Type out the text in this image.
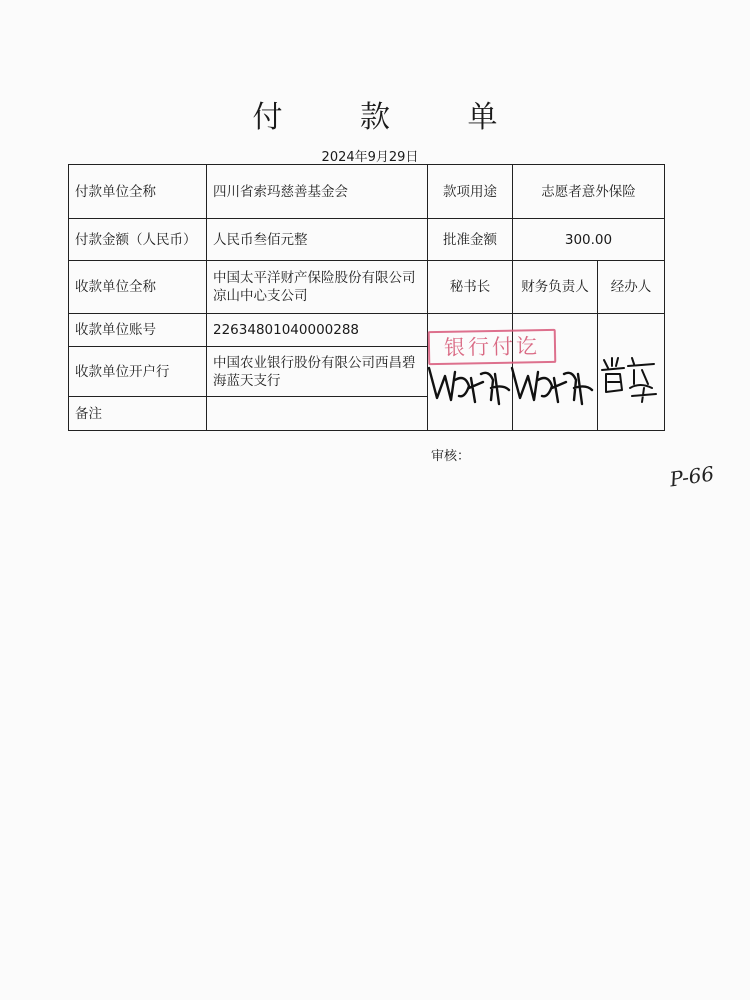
付 款 单
2024年9月29日
付款单位全称	四川省索玛慈善基金会	款项用途	志愿者意外保险	
付款金额（人民币）	人民币叁佰元整	批准金额	300.00	
收款单位全称	中国太平洋财产保险股份有限公司凉山中心支公司	秘书长	财务负责人	经办人
收款单位账号	22634801040000288			
收款单位开户行	中国农业银行股份有限公司西昌碧海蓝天支行			
备注				
银行付讫
审核：
P-66
